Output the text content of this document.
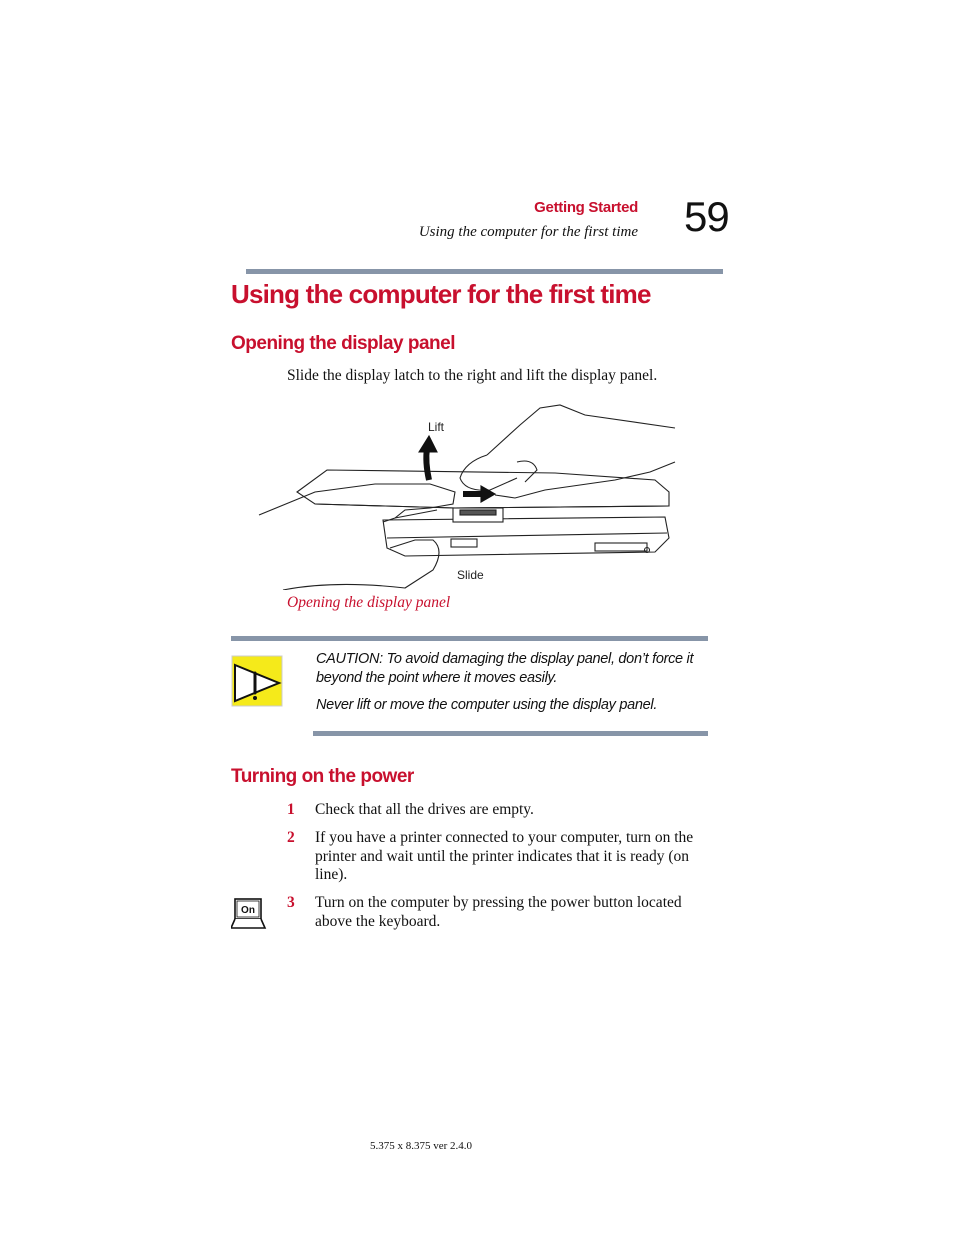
Getting Started
Using the computer for the first time 59
Using the computer for the first time
Opening the display panel
Slide the display latch to the right and lift the display panel.
Lift
Slide
Opening the display panel
CAUTION: To avoid damaging the display panel, don’t force it beyond the point where it moves easily.
Never lift or move the computer using the display panel.
Turning on the power
1 Check that all the drives are empty.
2 If you have a printer connected to your computer, turn on the printer and wait until the printer indicates that it is ready (on line).
3 Turn on the computer by pressing the power button located above the keyboard.
On
5.375 x 8.375 ver 2.4.0
